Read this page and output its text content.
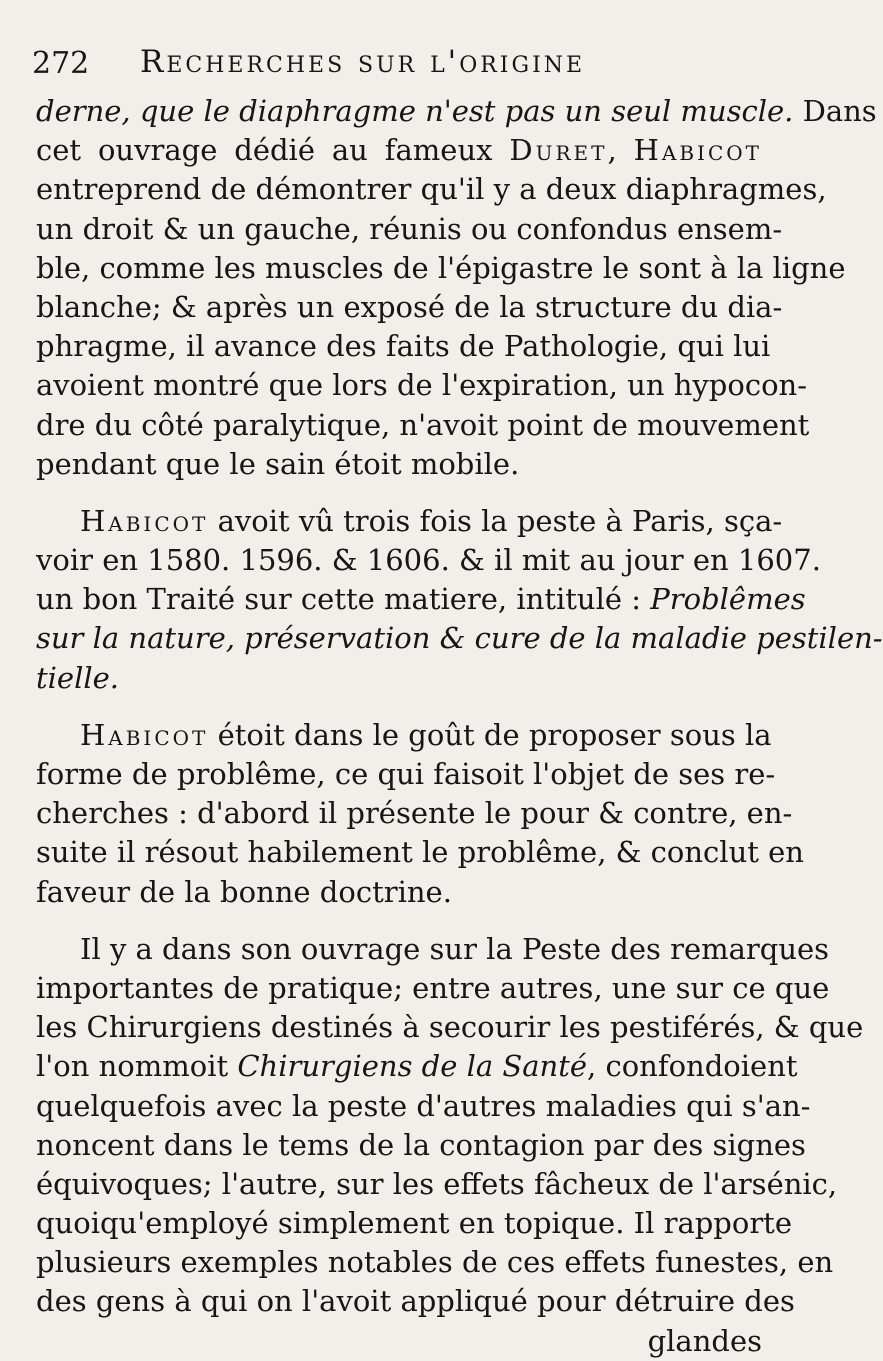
272 Recherches sur l'origine
derne, que le diaphragme n'est pas un seul muscle. Dans
cet ouvrage dédié au fameux Duret, Habicot
entreprend de démontrer qu'il y a deux diaphragmes,
un droit & un gauche, réunis ou confondus ensem-
ble, comme les muscles de l'épigastre le sont à la ligne
blanche; & après un exposé de la structure du dia-
phragme, il avance des faits de Pathologie, qui lui
avoient montré que lors de l'expiration, un hypocon-
dre du côté paralytique, n'avoit point de mouvement
pendant que le sain étoit mobile.
Habicot avoit vû trois fois la peste à Paris, sça-
voir en 1580. 1596. & 1606. & il mit au jour en 1607.
un bon Traité sur cette matiere, intitulé : Problêmes
sur la nature, préservation & cure de la maladie pestilen-
tielle.
Habicot étoit dans le goût de proposer sous la
forme de problême, ce qui faisoit l'objet de ses re-
cherches : d'abord il présente le pour & contre, en-
suite il résout habilement le problême, & conclut en
faveur de la bonne doctrine.
Il y a dans son ouvrage sur la Peste des remarques
importantes de pratique; entre autres, une sur ce que
les Chirurgiens destinés à secourir les pestiférés, & que
l'on nommoit Chirurgiens de la Santé, confondoient
quelquefois avec la peste d'autres maladies qui s'an-
noncent dans le tems de la contagion par des signes
équivoques; l'autre, sur les effets fâcheux de l'arsénic,
quoiqu'employé simplement en topique. Il rapporte
plusieurs exemples notables de ces effets funestes, en
des gens à qui on l'avoit appliqué pour détruire des
glandes
